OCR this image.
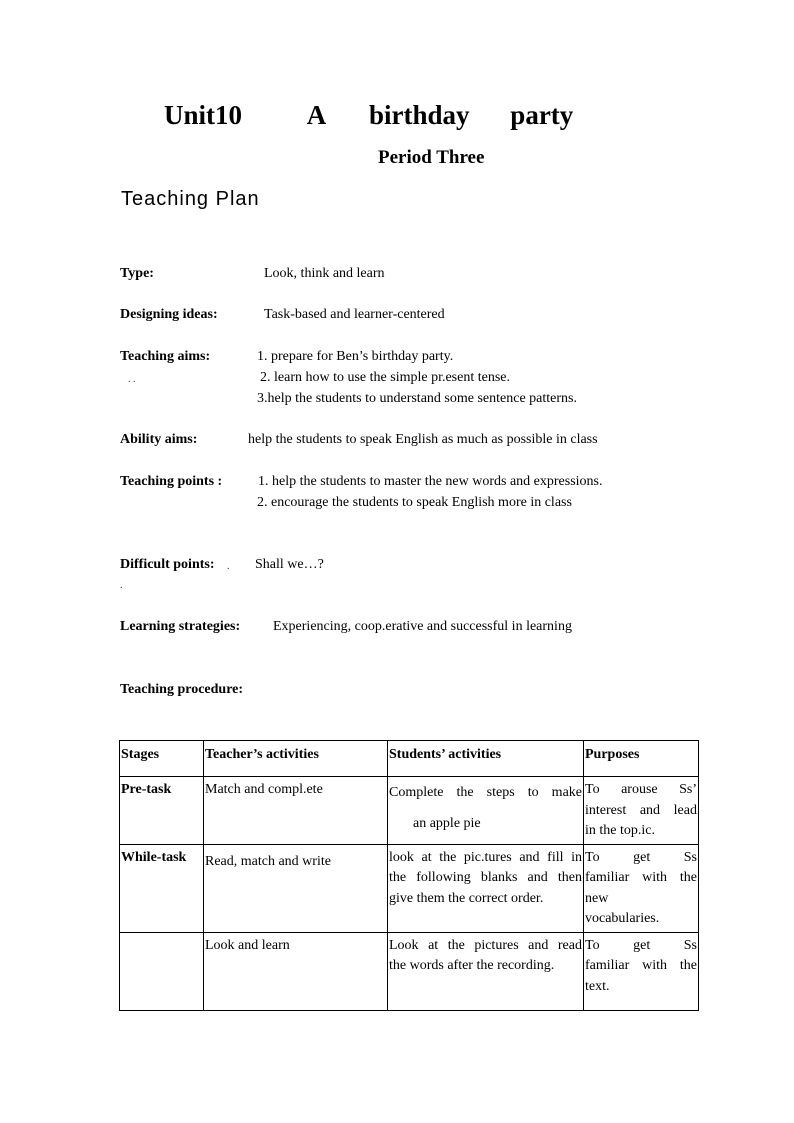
Unit10 A birthday party
Period Three
Teaching Plan
Type:	Look, think and learn
Designing ideas:	Task-based and learner-centered
Teaching aims:	1. prepare for Ben’s birthday party.
. .	2. learn how to use the simple pr.esent tense.
3.help the students to understand some sentence patterns.
Ability aims:	help the students to speak English as much as possible in class
Teaching points :	1. help the students to master the new words and expressions.
2. encourage the students to speak English more in class
Difficult points: . Shall we…?
.
Learning strategies: Experiencing, coop.erative and successful in learning
Teaching procedure:
Stages	Teacher’s activities	Students’ activities	Purposes
Pre-task	Match and compl.ete	Complete the steps to make
an apple pie	To arouse Ss’
interest and lead
in the top.ic.

While-task	Read, match and write	look at the pic.tures and fill in
the following blanks and then
give them the correct order.	To get Ss
familiar with the
new
vocabularies.

	Look and learn	Look at the pictures and read
the words after the recording.	To get Ss
familiar with the
text.
